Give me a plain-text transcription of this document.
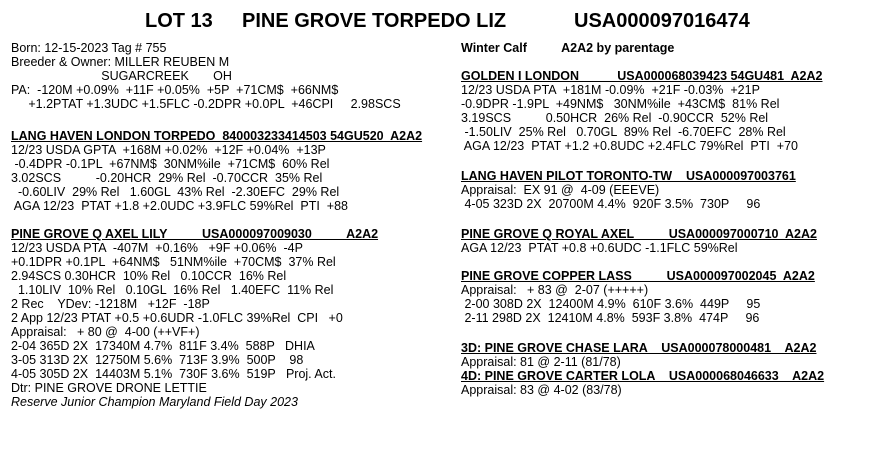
LOT 13 PINE GROVE TORPEDO LIZ	USA000097016474
Born: 12-15-2023 Tag # 755
Breeder & Owner: MILLER REUBEN M
SUGARCREEK       OH
PA:  -120M +0.09%  +11F +0.05%  +5P  +71CM$  +66NM$
+1.2PTAT +1.3UDC +1.5FLC -0.2DPR +0.0PL  +46CPI     2.98SCS
LANG HAVEN LONDON TORPEDO  840003233414503 54GU520  A2A2
12/23 USDA GPTA  +168M +0.02%  +12F +0.04%  +13P
-0.4DPR -0.1PL  +67NM$  30NM%ile  +71CM$  60% Rel
3.02SCS          -0.20HCR  29% Rel  -0.70CCR  35% Rel
-0.60LIV  29% Rel   1.60GL  43% Rel  -2.30EFC  29% Rel
AGA 12/23  PTAT +1.8 +2.0UDC +3.9FLC 59%Rel  PTI  +88
PINE GROVE Q AXEL LILY          USA000097009030          A2A2
12/23 USDA PTA  -407M  +0.16%   +9F +0.06%  -4P
+0.1DPR +0.1PL  +64NM$   51NM%ile  +70CM$  37% Rel
2.94SCS 0.30HCR  10% Rel   0.10CCR  16% Rel
1.10LIV  10% Rel   0.10GL  16% Rel   1.40EFC  11% Rel
2 Rec    YDev: -1218M   +12F  -18P
2 App 12/23 PTAT +0.5 +0.6UDR -1.0FLC 39%Rel  CPI   +0
Appraisal:   + 80 @  4-00 (++VF+)
2-04 365D 2X  17340M 4.7%  811F 3.4%  588P   DHIA
3-05 313D 2X  12750M 5.6%  713F 3.9%  500P    98
4-05 305D 2X  14403M 5.1%  730F 3.6%  519P   Proj. Act.
Dtr: PINE GROVE DRONE LETTIE
Reserve Junior Champion Maryland Field Day 2023
Winter Calf          A2A2 by parentage
GOLDEN I LONDON           USA000068039423 54GU481  A2A2
12/23 USDA PTA  +181M -0.09%  +21F -0.03%  +21P
-0.9DPR -1.9PL  +49NM$   30NM%ile  +43CM$  81% Rel
3.19SCS          0.50HCR  26% Rel  -0.90CCR  52% Rel
-1.50LIV  25% Rel   0.70GL  89% Rel  -6.70EFC  28% Rel
AGA 12/23  PTAT +1.2 +0.8UDC +2.4FLC 79%Rel  PTI  +70
LANG HAVEN PILOT TORONTO-TW    USA000097003761
Appraisal:  EX 91 @  4-09 (EEEVE)
4-05 323D 2X  20700M 4.4%  920F 3.5%  730P     96
PINE GROVE Q ROYAL AXEL          USA000097000710  A2A2
AGA 12/23  PTAT +0.8 +0.6UDC -1.1FLC 59%Rel
PINE GROVE COPPER LASS          USA000097002045  A2A2
Appraisal:   + 83 @  2-07 (+++++)
2-00 308D 2X  12400M 4.9%  610F 3.6%  449P     95
2-11 298D 2X  12410M 4.8%  593F 3.8%  474P     96
3D: PINE GROVE CHASE LARA    USA000078000481    A2A2
Appraisal: 81 @ 2-11 (81/78)
4D: PINE GROVE CARTER LOLA    USA000068046633    A2A2
Appraisal: 83 @ 4-02 (83/78)
